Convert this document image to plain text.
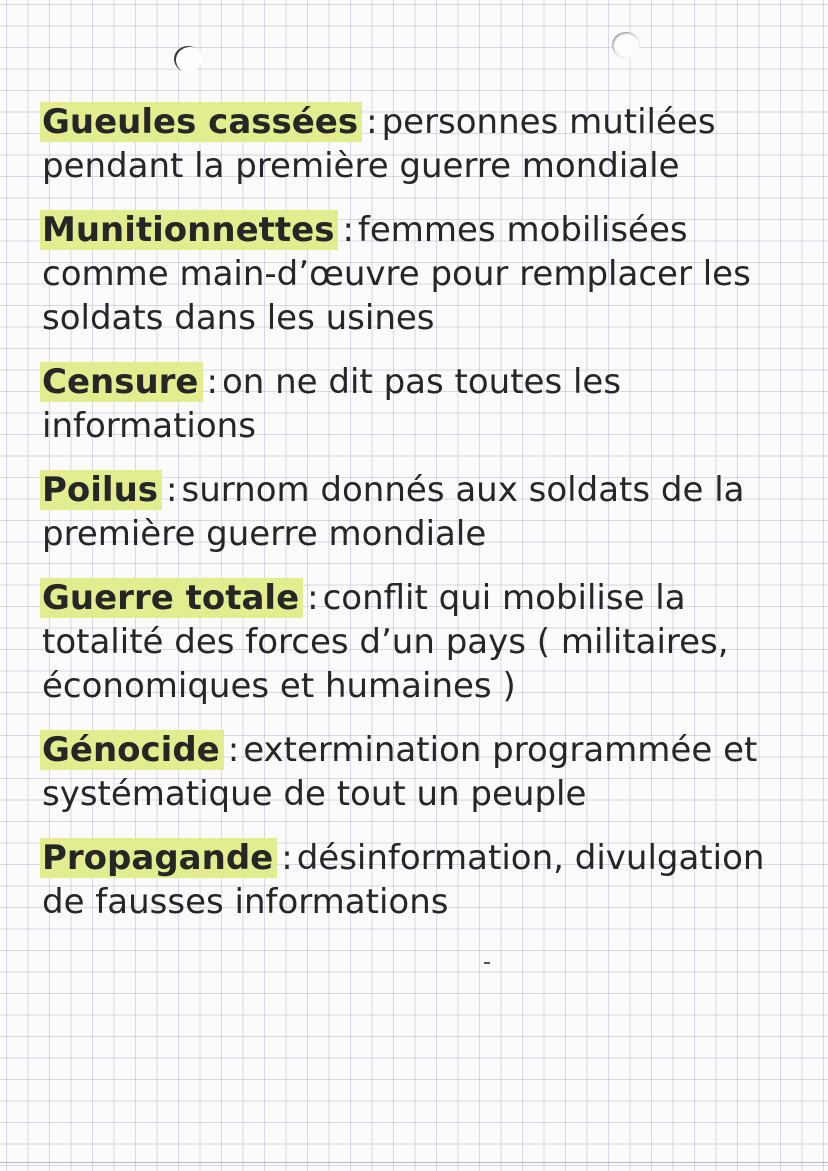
Gueules cassées : personnes mutilées pendant la première guerre mondiale
Munitionnettes : femmes mobilisées comme main-d’œuvre pour remplacer les soldats dans les usines
Censure : on ne dit pas toutes les informations
Poilus : surnom donnés aux soldats de la première guerre mondiale
Guerre totale : conflit qui mobilise la totalité des forces d’un pays ( militaires, économiques et humaines )
Génocide : extermination programmée et systématique de tout un peuple
Propagande : désinformation, divulgation de fausses informations
